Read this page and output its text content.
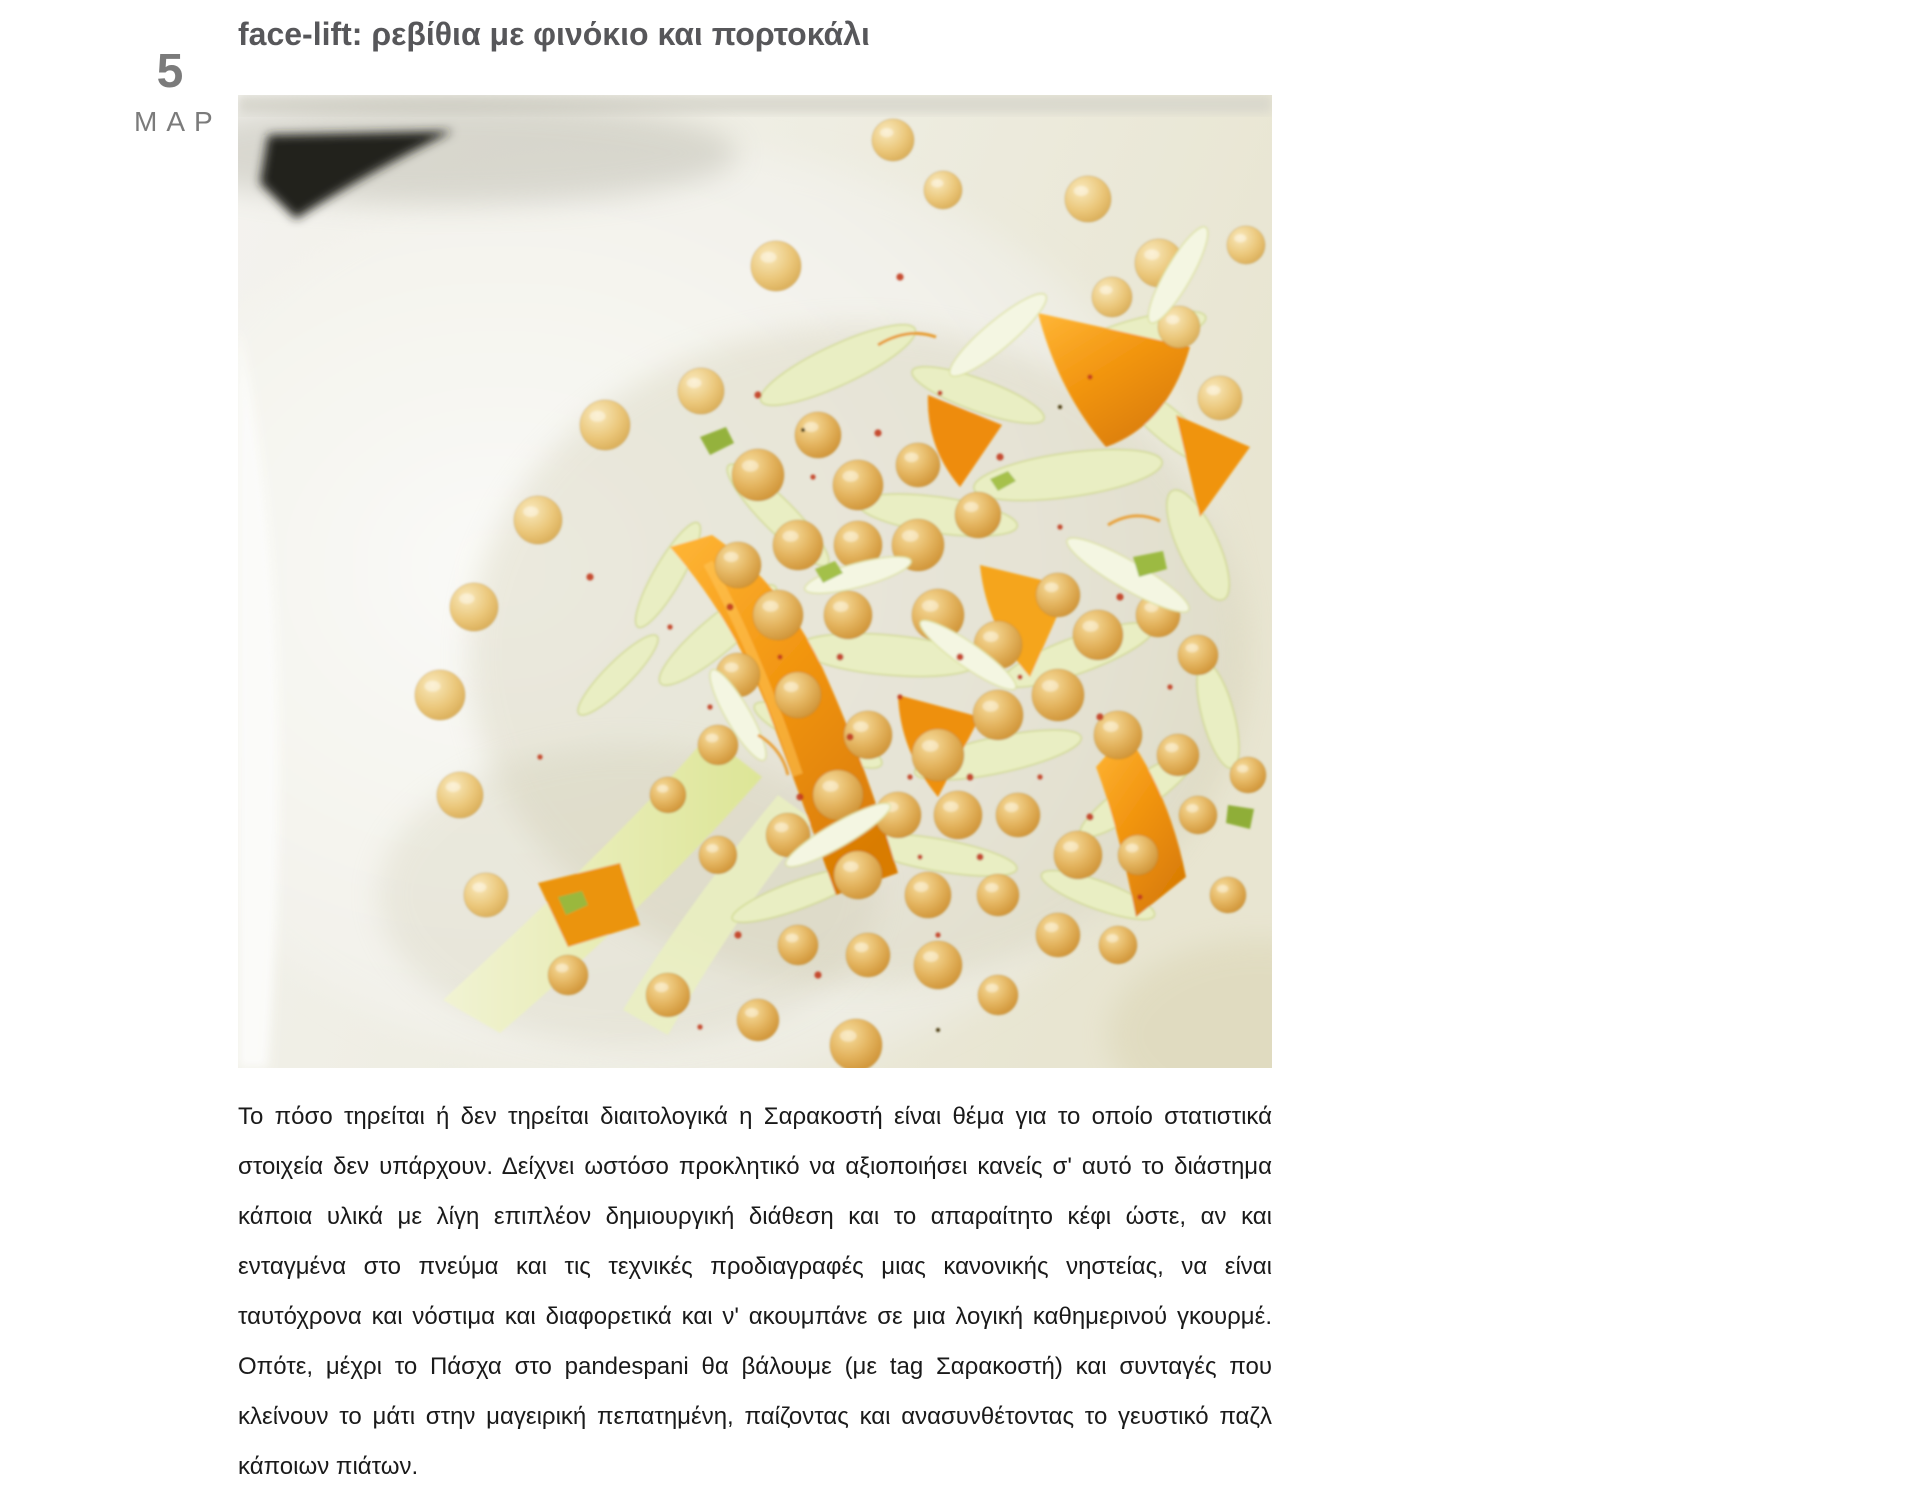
5
ΜΑΡ
face-lift: ρεβίθια με φινόκιο και πορτοκάλι

Το πόσο τηρείται ή δεν τηρείται διαιτολογικά η Σαρακοστή είναι θέμα για το οποίο στατιστικά στοιχεία δεν υπάρχουν. Δείχνει ωστόσο προκλητικό να αξιοποιήσει κανείς σ' αυτό το διάστημα κάποια υλικά με λίγη επιπλέον δημιουργική διάθεση και το απαραίτητο κέφι ώστε, αν και ενταγμένα στο πνεύμα και τις τεχνικές προδιαγραφές μιας κανονικής νηστείας, να είναι ταυτόχρονα και νόστιμα και διαφορετικά και ν' ακουμπάνε σε μια λογική καθημερινού γκουρμέ. Οπότε, μέχρι το Πάσχα στο pandespani θα βάλουμε (με tag Σαρακοστή) και συνταγές που κλείνουν το μάτι στην μαγειρική πεπατημένη, παίζοντας και ανασυνθέτοντας το γευστικό παζλ κάποιων πιάτων.
